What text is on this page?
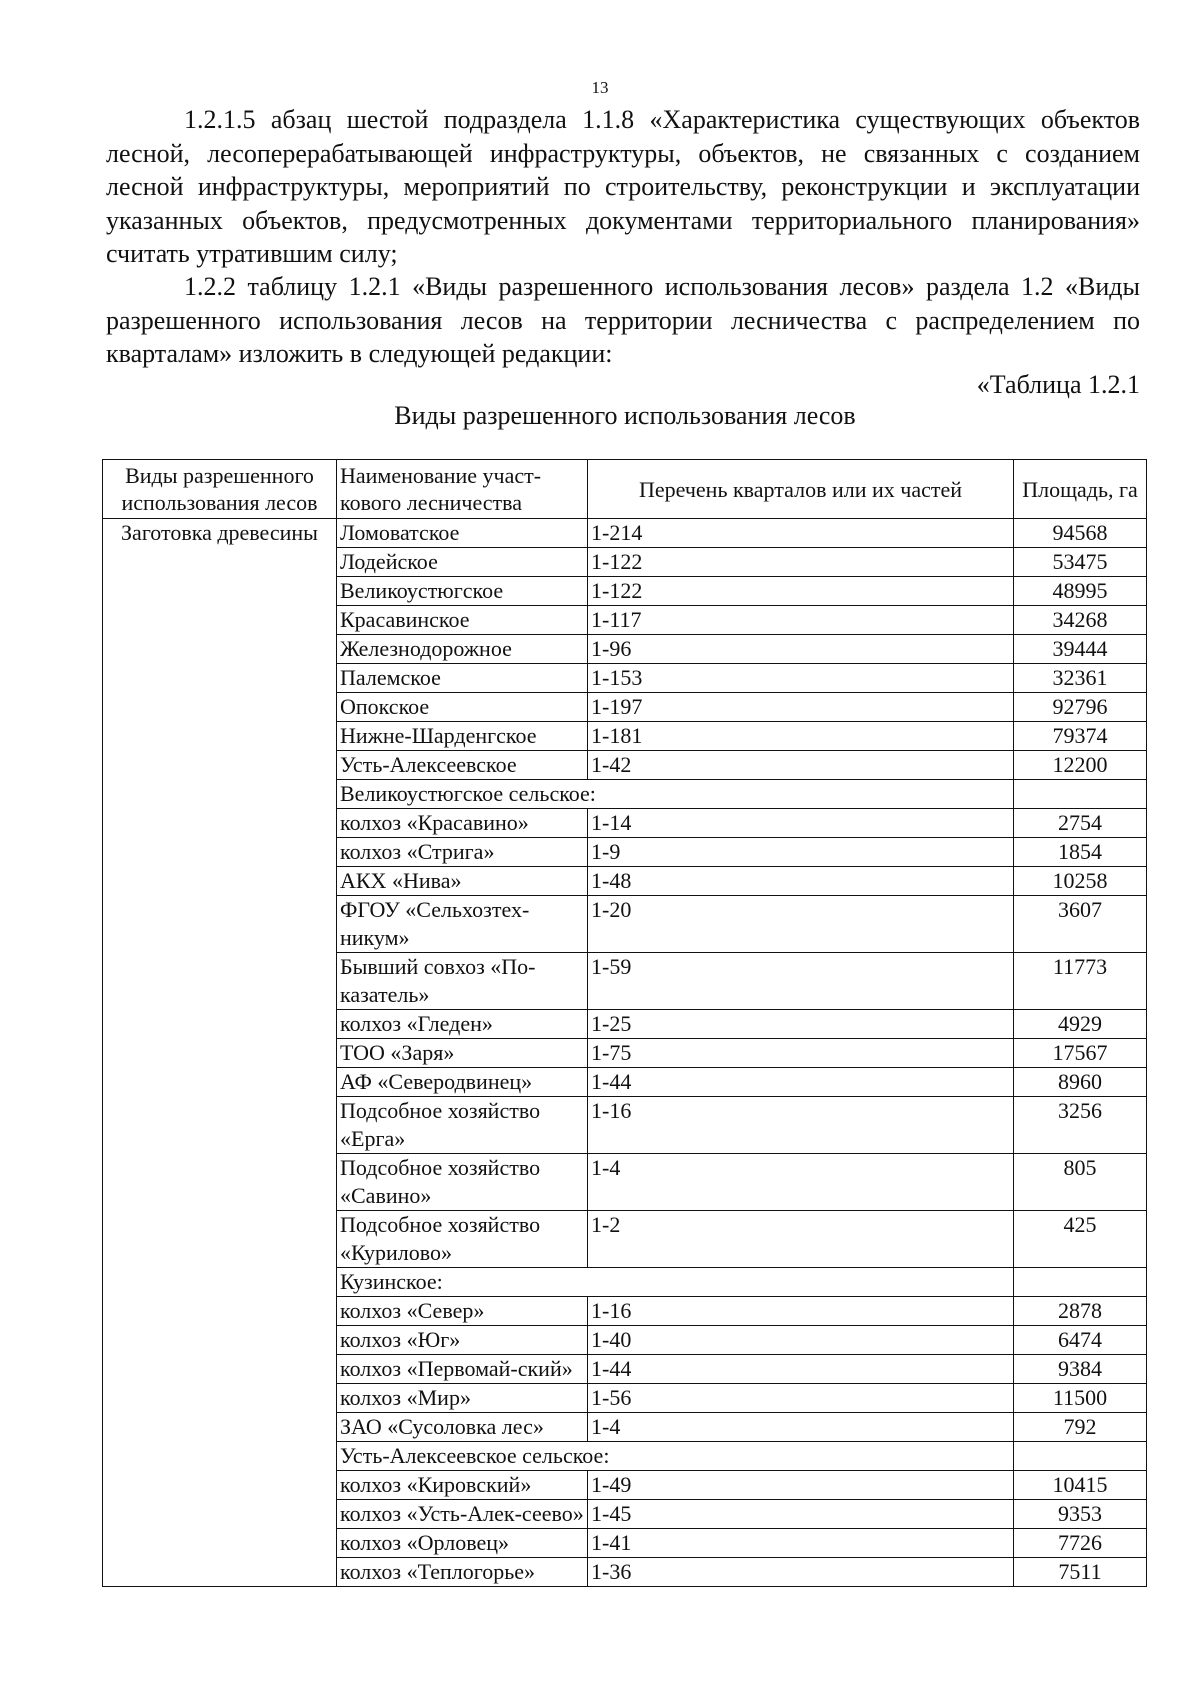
13

1.2.1.5 абзац шестой подраздела 1.1.8 «Характеристика существующих объектов лесной, лесоперерабатывающей инфраструктуры, объектов, не связанных с созданием лесной инфраструктуры, мероприятий по строительству, реконструкции и эксплуатации указанных объектов, предусмотренных документами территориального планирования» считать утратившим силу;

1.2.2 таблицу 1.2.1 «Виды разрешенного использования лесов» раздела 1.2 «Виды разрешенного использования лесов на территории лесничества с распределением по кварталам» изложить в следующей редакции:

«Таблица 1.2.1
Виды разрешенного использования лесов
Виды разрешенного использования лесов	Наименование участ-кового лесничества	Перечень кварталов или их частей	Площадь, га
Заготовка древесины	Ломоватское	1-214	94568
	Лодейское	1-122	53475
	Великоустюгское	1-122	48995
	Красавинское	1-117	34268
	Железнодорожное	1-96	39444
	Палемское	1-153	32361
	Опокское	1-197	92796
	Нижне-Шарденгское	1-181	79374
	Усть-Алексеевское	1-42	12200
	Великоустюгское сельское:		
	колхоз «Красавино»	1-14	2754
	колхоз «Стрига»	1-9	1854
	АКХ «Нива»	1-48	10258
	ФГОУ «Сельхозтех-никум»	1-20	3607
	Бывший совхоз «По-казатель»	1-59	11773
	колхоз «Гледен»	1-25	4929
	ТОО «Заря»	1-75	17567
	АФ «Северодвинец»	1-44	8960
	Подсобное хозяйство «Ерга»	1-16	3256
	Подсобное хозяйство «Савино»	1-4	805
	Подсобное хозяйство «Курилово»	1-2	425
	Кузинское:		
	колхоз «Север»	1-16	2878
	колхоз «Юг»	1-40	6474
	колхоз «Первомай-ский»	1-44	9384
	колхоз «Мир»	1-56	11500
	ЗАО «Сусоловка лес»	1-4	792
	Усть-Алексеевское сельское:		
	колхоз «Кировский»	1-49	10415
	колхоз «Усть-Алек-сеево»	1-45	9353
	колхоз «Орловец»	1-41	7726
	колхоз «Теплогорье»	1-36	7511
